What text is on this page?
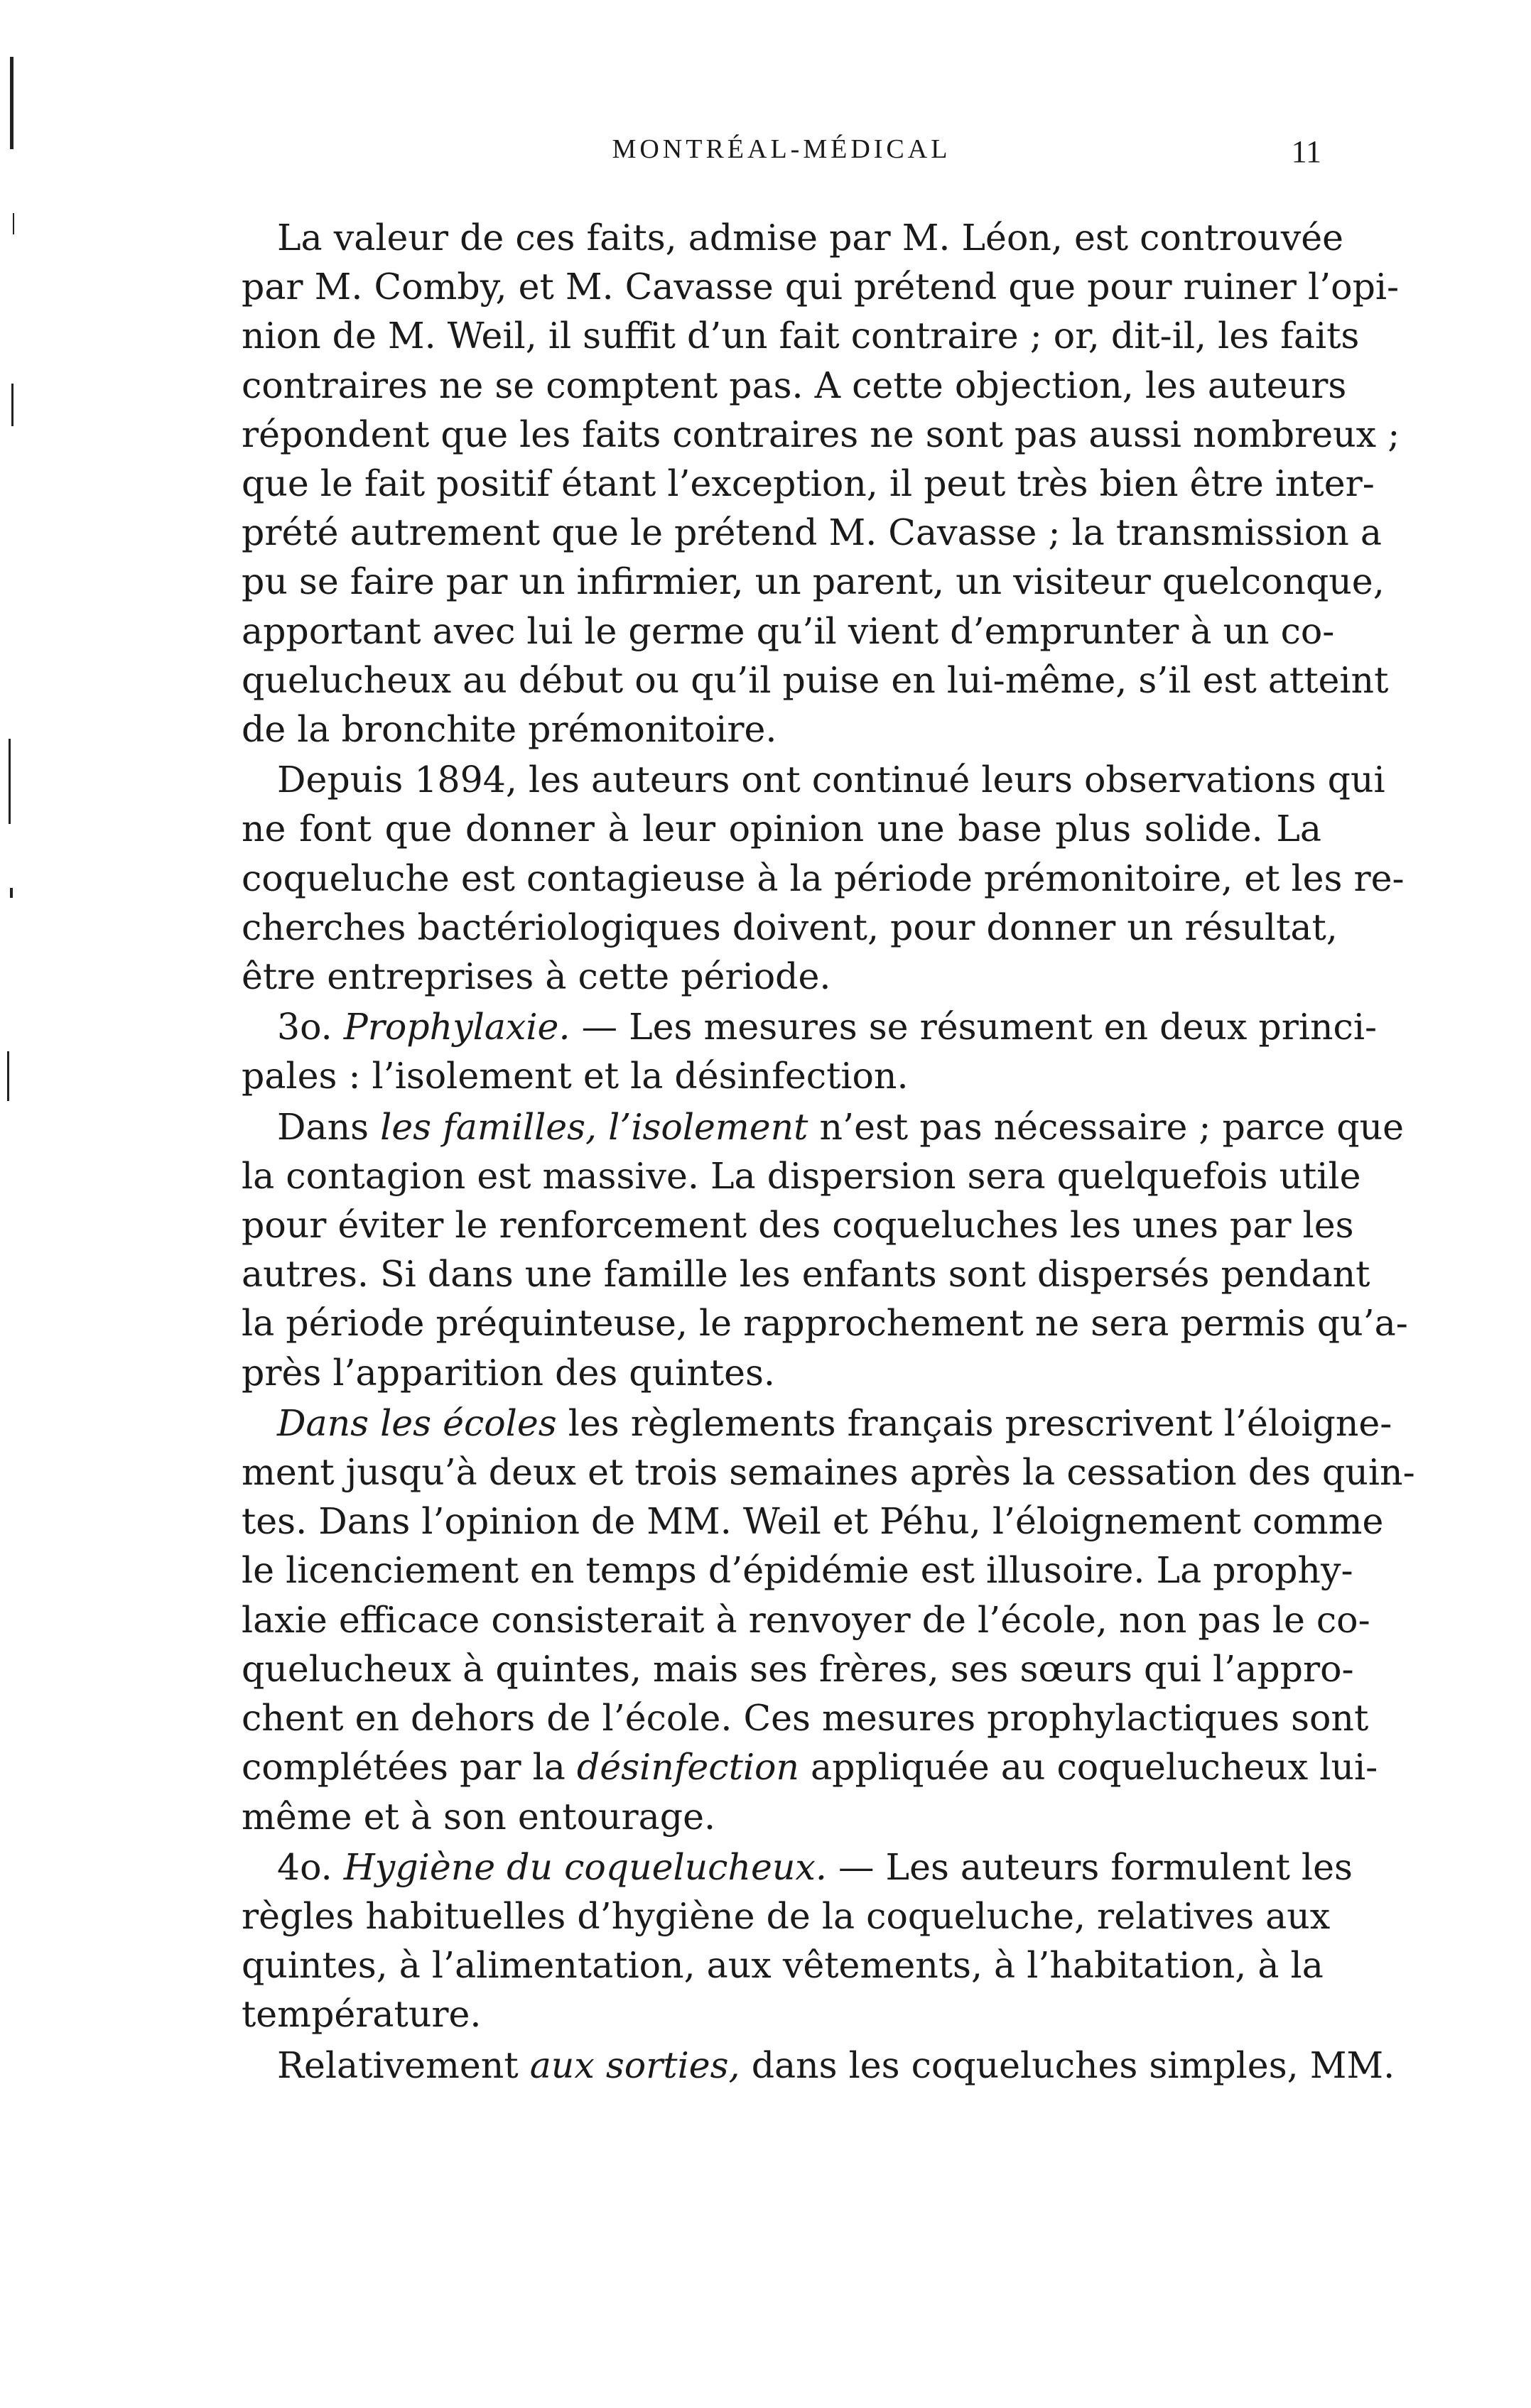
MONTRÉAL-MÉDICAL	11

La valeur de ces faits, admise par M. Léon, est controuvée
par M. Comby, et M. Cavasse qui prétend que pour ruiner l’opi-
nion de M. Weil, il suffit d’un fait contraire ; or, dit-il, les faits
contraires ne se comptent pas. A cette objection, les auteurs
répondent que les faits contraires ne sont pas aussi nombreux ;
que le fait positif étant l’exception, il peut très bien être inter-
prété autrement que le prétend M. Cavasse ; la transmission a
pu se faire par un infirmier, un parent, un visiteur quelconque,
apportant avec lui le germe qu’il vient d’emprunter à un co-
quelucheux au début ou qu’il puise en lui-même, s’il est atteint
de la bronchite prémonitoire.

Depuis 1894, les auteurs ont continué leurs observations qui
ne font que donner à leur opinion une base plus solide. La
coqueluche est contagieuse à la période prémonitoire, et les re-
cherches bactériologiques doivent, pour donner un résultat,
être entreprises à cette période.

3o. Prophylaxie. — Les mesures se résument en deux princi-
pales : l’isolement et la désinfection.

Dans les familles, l’isolement n’est pas nécessaire ; parce que
la contagion est massive. La dispersion sera quelquefois utile
pour éviter le renforcement des coqueluches les unes par les
autres. Si dans une famille les enfants sont dispersés pendant
la période préquinteuse, le rapprochement ne sera permis qu’a-
près l’apparition des quintes.

Dans les écoles les règlements français prescrivent l’éloigne-
ment jusqu’à deux et trois semaines après la cessation des quin-
tes. Dans l’opinion de MM. Weil et Péhu, l’éloignement comme
le licenciement en temps d’épidémie est illusoire. La prophy-
laxie efficace consisterait à renvoyer de l’école, non pas le co-
quelucheux à quintes, mais ses frères, ses sœurs qui l’appro-
chent en dehors de l’école. Ces mesures prophylactiques sont
complétées par la désinfection appliquée au coquelucheux lui-
même et à son entourage.

4o. Hygiène du coquelucheux. — Les auteurs formulent les
règles habituelles d’hygiène de la coqueluche, relatives aux
quintes, à l’alimentation, aux vêtements, à l’habitation, à la
température.

Relativement aux sorties, dans les coqueluches simples, MM.
